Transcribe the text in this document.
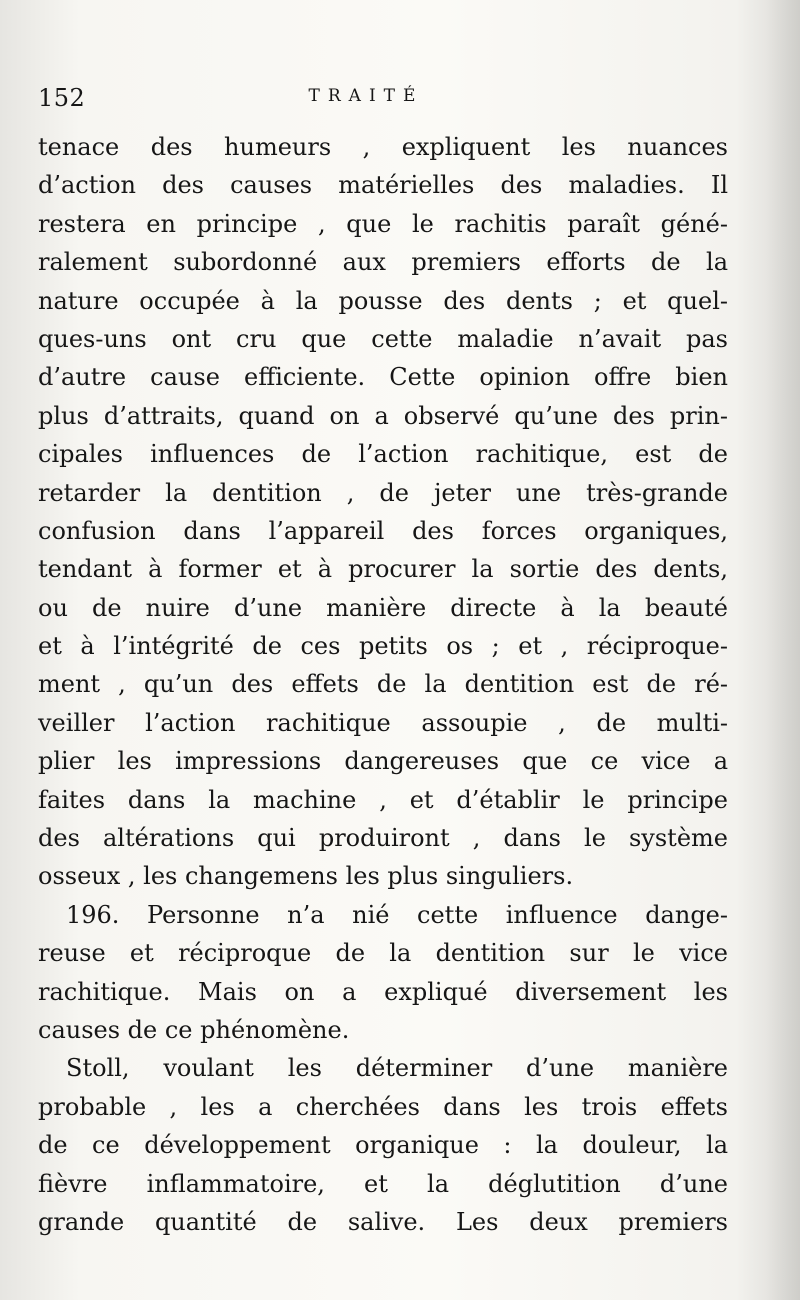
152	TRAITÉ
tenace des humeurs , expliquent les nuances
d’action des causes matérielles des maladies. Il
restera en principe , que le rachitis paraît géné-
ralement subordonné aux premiers efforts de la
nature occupée à la pousse des dents ; et quel-
ques-uns ont cru que cette maladie n’avait pas
d’autre cause efficiente. Cette opinion offre bien
plus d’attraits, quand on a observé qu’une des prin-
cipales influences de l’action rachitique, est de
retarder la dentition , de jeter une très-grande
confusion dans l’appareil des forces organiques,
tendant à former et à procurer la sortie des dents,
ou de nuire d’une manière directe à la beauté
et à l’intégrité de ces petits os ; et , réciproque-
ment , qu’un des effets de la dentition est de ré-
veiller l’action rachitique assoupie , de multi-
plier les impressions dangereuses que ce vice a
faites dans la machine , et d’établir le principe
des altérations qui produiront , dans le système
osseux , les changemens les plus singuliers.
196. Personne n’a nié cette influence dange-
reuse et réciproque de la dentition sur le vice
rachitique. Mais on a expliqué diversement les
causes de ce phénomène.
Stoll, voulant les déterminer d’une manière
probable , les a cherchées dans les trois effets
de ce développement organique : la douleur, la
fièvre inflammatoire, et la déglutition d’une
grande quantité de salive. Les deux premiers
